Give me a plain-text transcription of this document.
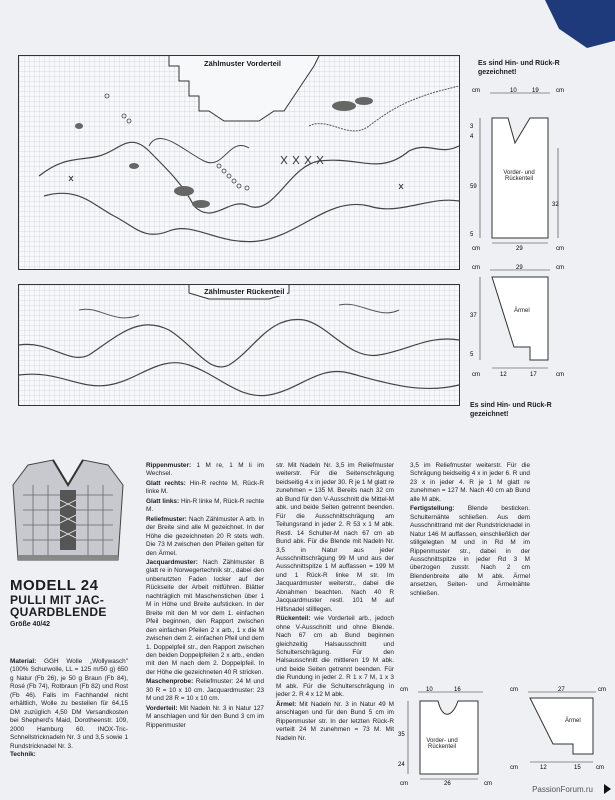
Zählmuster Vorderteil
Zählmuster Rückenteil
Es sind Hin- und Rück-R gezeichnet!
Es sind Hin- und Rück-R gezeichnet!
cm	10	19	cm
3
4
59
32
5
cm	29	cm
Vorder- und Rückenteil
cm	29	cm
37
5
cm	12	17	cm
Ärmel
MODELL 24
PULLI MIT JAC-
QUARDBLENDE
Größe 40/42
Material: GGH Wolle „Wollywasch" (100% Schurwolle, LL = 125 m/50 g) 650 g Natur (Fb 26), je 50 g Braun (Fb 84), Rosé (Fb 74), Rotbraun (Fb 82) und Rost (Fb 46). Falls im Fachhandel nicht erhältlich, Wolle zu bestellen für 64,15 DM zuzüglich 4,50 DM Versandkosten bei Shepherd's Maid, Dorotheenstr. 109, 2000 Hamburg 60. INOX-Tric-Schnellstricknadeln Nr. 3 und 3,5 sowie 1 Rundstricknadel Nr. 3.
Technik:

Rippenmuster: 1 M re, 1 M li im Wechsel.

Glatt rechts: Hin-R rechte M, Rück-R linke M.

Glatt links: Hin-R linke M, Rück-R rechte M.

Reliefmuster: Nach Zählmuster A arb. In der Breite sind alle M gezeichnet. In der Höhe die gezeichneten 20 R stets wdh. Die 73 M zwischen den Pfeilen gelten für den Ärmel.

Jacquardmuster: Nach Zählmuster B glatt re in Norwegertechnik str., dabei den unbenutzten Faden locker auf der Rückseite der Arbeit mitführen. Blätter nachträglich mit Maschenstichen über 1 M in Höhe und Breite aufsticken. In der Breite mit den M vor dem 1. einfachen Pfeil beginnen, den Rapport zwischen den einfachen Pfeilen 2 x arb., 1 x die M zwischen dem 2. einfachen Pfeil und dem 1. Doppelpfeil str., den Rapport zwischen den beiden Doppelpfeilen 2 x arb., enden mit den M nach dem 2. Doppelpfeil. In der Höhe die gezeichneten 40 R stricken.

Maschenprobe: Reliefmuster: 24 M und 30 R = 10 x 10 cm. Jacquardmuster: 23 M und 28 R = 10 x 10 cm.

Vorderteil: Mit Nadeln Nr. 3 in Natur 127 M anschlagen und für den Bund 3 cm im Rippenmuster

str. Mit Nadeln Nr. 3,5 im Reliefmuster weiterstr. Für die Seitenschrägung beidseitig 4 x in jeder 30. R je 1 M glatt re zunehmen = 135 M. Bereits nach 32 cm ab Bund für den V-Ausschnitt die Mittel-M abk. und beide Seiten getrennt beenden. Für die Ausschnittschrägung am Teilungsrand in jeder 2. R 53 x 1 M abk. Restl. 14 Schulter-M nach 67 cm ab Bund abk. Für die Blende mit Nadeln Nr. 3,5 in Natur aus jeder Ausschnittschrägung 99 M und aus der Ausschnittspitze 1 M auffassen = 199 M und 1 Rück-R linke M str. Im Jacquardmuster weiterstr., dabei die Abnahmen beachten. Nach 40 R Jacquardmuster restl. 101 M auf Hilfsnadel stilllegen.

Rückenteil: wie Vorderteil arb., jedoch ohne V-Ausschnitt und ohne Blende. Nach 67 cm ab Bund beginnen gleichzeitig Halsausschnitt und Schulterschrägung. Für den Halsausschnitt die mittleren 19 M abk. und beide Seiten getrennt beenden. Für die Rundung in jeder 2. R 1 x 7 M, 1 x 3 M abk. Für die Schulterschrägung in jeder 2. R 4 x 12 M abk.

Ärmel: Mit Nadeln Nr. 3 in Natur 49 M anschlagen und für den Bund 5 cm im Rippenmuster str. In der letzten Rück-R verteilt 24 M zunehmen = 73 M. Mit Nadeln Nr.

3,5 im Reliefmuster weiterstr. Für die Schrägung beidseitig 4 x in jeder 6. R und 23 x in jeder 4. R je 1 M glatt re zunehmen = 127 M. Nach 40 cm ab Bund alle M abk.

Fertigstellung: Blende besticken. Schulternähte schließen. Aus dem Ausschnittrand mit der Rundstricknadel in Natur 146 M auffassen, einschließlich der stillgelegten M und in Rd M im Rippenmuster str., dabei in der Ausschnittspitze in jeder Rd 3 M überzogen zusstr. Nach 2 cm Blendenbreite alle M abk. Ärmel ansetzen, Seiten- und Ärmelnähte schließen.

cm	10	16
35
24
cm	26	cm
Vorder- und Rückenteil
cm	27	cm
cm	12	15	cm
Ärmel
PassionForum.ru
